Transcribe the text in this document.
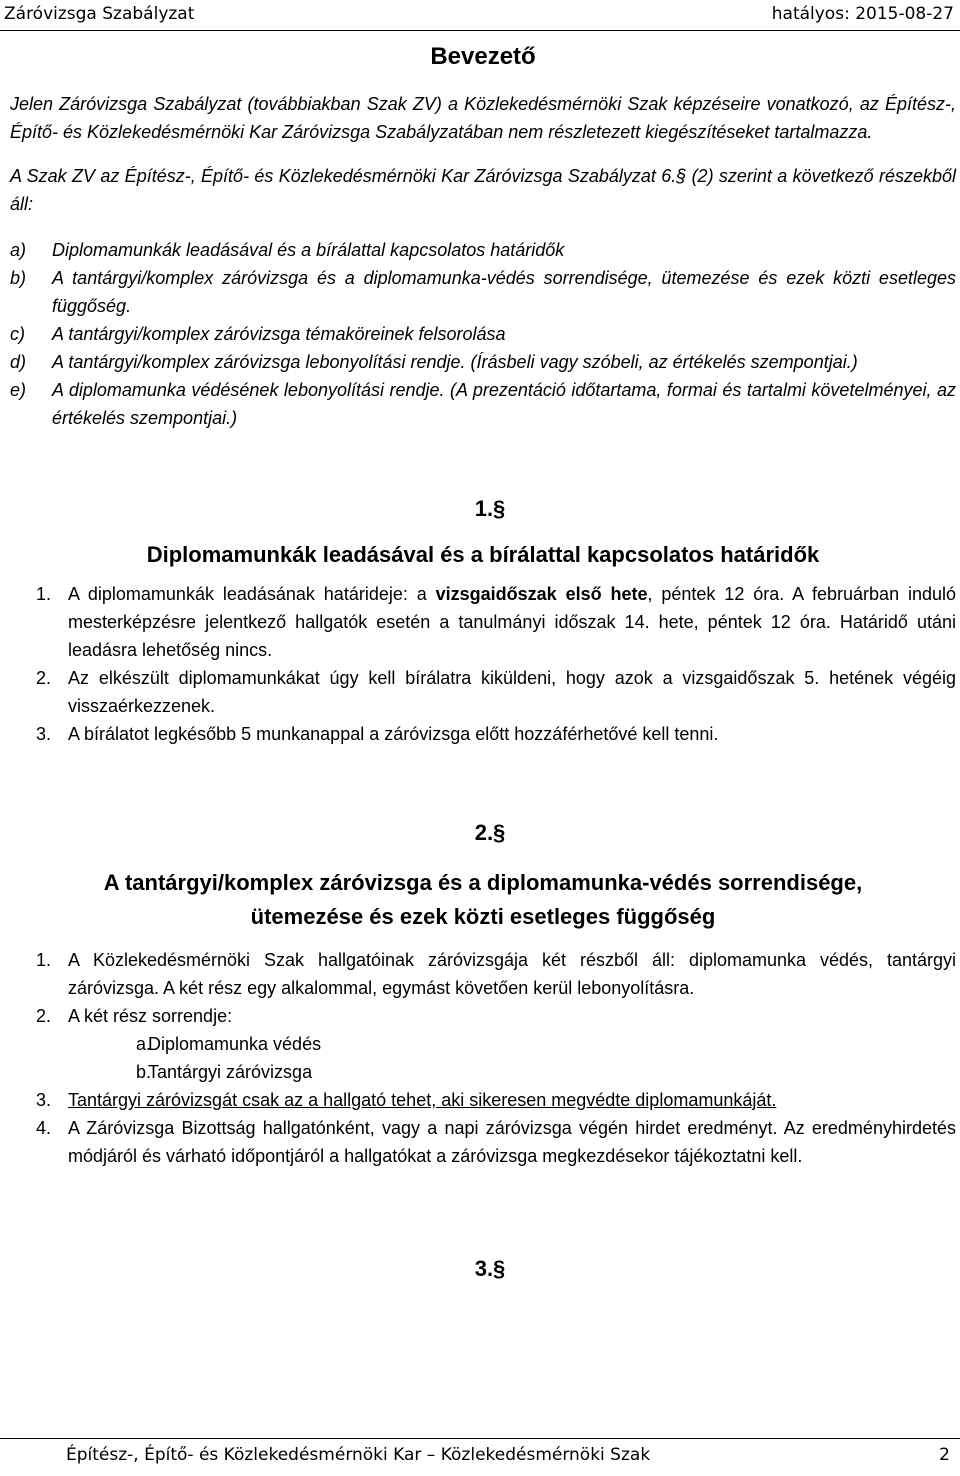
Záróvizsga Szabályzat	hatályos: 2015-08-27
Bevezető

Jelen Záróvizsga Szabályzat (továbbiakban Szak ZV) a Közlekedésmérnöki Szak képzéseire vonatkozó, az Építész-, Építő- és Közlekedésmérnöki Kar Záróvizsga Szabályzatában nem részletezett kiegészítéseket tartalmazza.

A Szak ZV az Építész-, Építő- és Közlekedésmérnöki Kar Záróvizsga Szabályzat 6.§ (2) szerint a következő részekből áll:

a)	Diplomamunkák leadásával és a bírálattal kapcsolatos határidők
b)	A tantárgyi/komplex záróvizsga és a diplomamunka-védés sorrendisége, ütemezése és ezek közti esetleges függőség.
c)	A tantárgyi/komplex záróvizsga témaköreinek felsorolása
d)	A tantárgyi/komplex záróvizsga lebonyolítási rendje. (Írásbeli vagy szóbeli, az értékelés szempontjai.)
e)	A diplomamunka védésének lebonyolítási rendje. (A prezentáció időtartama, formai és tartalmi követelményei, az értékelés szempontjai.)
1.§
Diplomamunkák leadásával és a bírálattal kapcsolatos határidők
1. A diplomamunkák leadásának határideje: a vizsgaidőszak első hete, péntek 12 óra. A februárban induló mesterképzésre jelentkező hallgatók esetén a tanulmányi időszak 14. hete, péntek 12 óra. Határidő utáni leadásra lehetőség nincs.
2. Az elkészült diplomamunkákat úgy kell bírálatra kiküldeni, hogy azok a vizsgaidőszak 5. hetének végéig visszaérkezzenek.
3. A bírálatot legkésőbb 5 munkanappal a záróvizsga előtt hozzáférhetővé kell tenni.
2.§
A tantárgyi/komplex záróvizsga és a diplomamunka-védés sorrendisége,
ütemezése és ezek közti esetleges függőség
1. A Közlekedésmérnöki Szak hallgatóinak záróvizsgája két részből áll: diplomamunka védés, tantárgyi záróvizsga. A két rész egy alkalommal, egymást követően kerül lebonyolításra.
2. A két rész sorrendje:
a.
Diplomamunka védés
b.
Tantárgyi záróvizsga
3. Tantárgyi záróvizsgát csak az a hallgató tehet, aki sikeresen megvédte diplomamunkáját.
4. A Záróvizsga Bizottság hallgatónként, vagy a napi záróvizsga végén hirdet eredményt. Az eredményhirdetés módjáról és várható időpontjáról a hallgatókat a záróvizsga megkezdésekor tájékoztatni kell.
3.§
Építész-, Építő- és Közlekedésmérnöki Kar – Közlekedésmérnöki Szak	2
